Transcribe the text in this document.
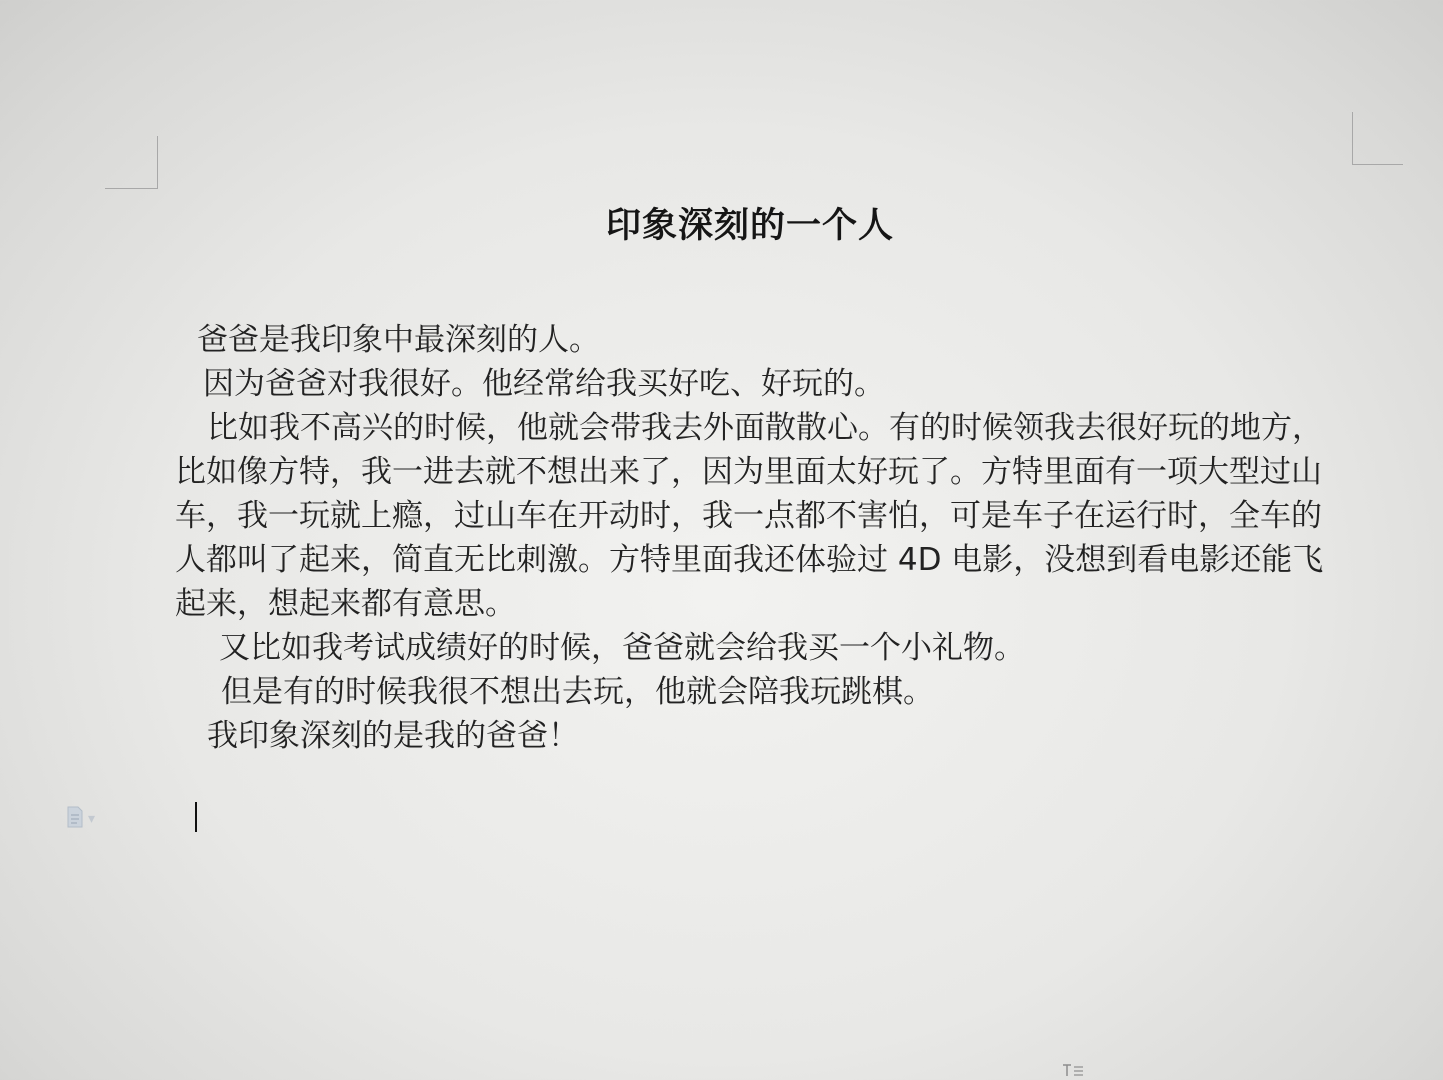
印象深刻的一个人

爸爸是我印象中最深刻的人。

因为爸爸对我很好。他经常给我买好吃、好玩的。

比如我不高兴的时候，他就会带我去外面散散心。有的时候领我去很好玩的地方，比如像方特，我一进去就不想出来了，因为里面太好玩了。方特里面有一项大型过山车，我一玩就上瘾，过山车在开动时，我一点都不害怕，可是车子在运行时，全车的人都叫了起来，简直无比刺激。方特里面我还体验过 4D 电影，没想到看电影还能飞起来，想起来都有意思。

又比如我考试成绩好的时候，爸爸就会给我买一个小礼物。

但是有的时候我很不想出去玩，他就会陪我玩跳棋。

我印象深刻的是我的爸爸！

▾
